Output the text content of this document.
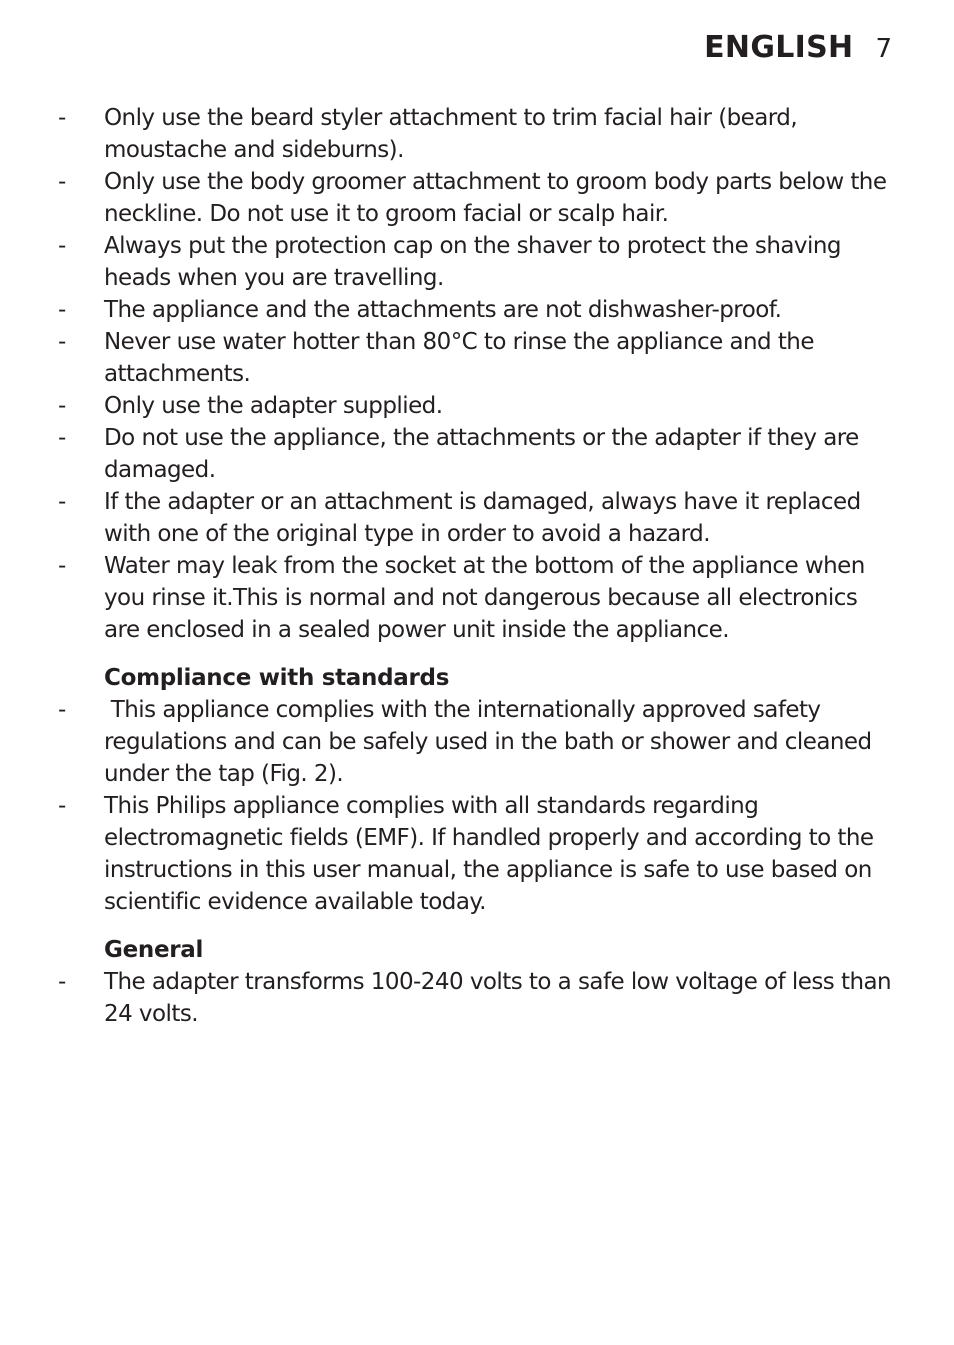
ENGLISH 7
- Only use the beard styler attachment to trim facial hair (beard, moustache and sideburns).
- Only use the body groomer attachment to groom body parts below the neckline. Do not use it to groom facial or scalp hair.
- Always put the protection cap on the shaver to protect the shaving heads when you are travelling.
- The appliance and the attachments are not dishwasher-proof.
- Never use water hotter than 80°C to rinse the appliance and the attachments.
- Only use the adapter supplied.
- Do not use the appliance, the attachments or the adapter if they are damaged.
- If the adapter or an attachment is damaged, always have it replaced with one of the original type in order to avoid a hazard.
- Water may leak from the socket at the bottom of the appliance when you rinse it.This is normal and not dangerous because all electronics are enclosed in a sealed power unit inside the appliance.
Compliance with standards
- This appliance complies with the internationally approved safety regulations and can be safely used in the bath or shower and cleaned under the tap (Fig. 2).
- This Philips appliance complies with all standards regarding electromagnetic fields (EMF). If handled properly and according to the instructions in this user manual, the appliance is safe to use based on scientific evidence available today.
General
- The adapter transforms 100-240 volts to a safe low voltage of less than 24 volts.
